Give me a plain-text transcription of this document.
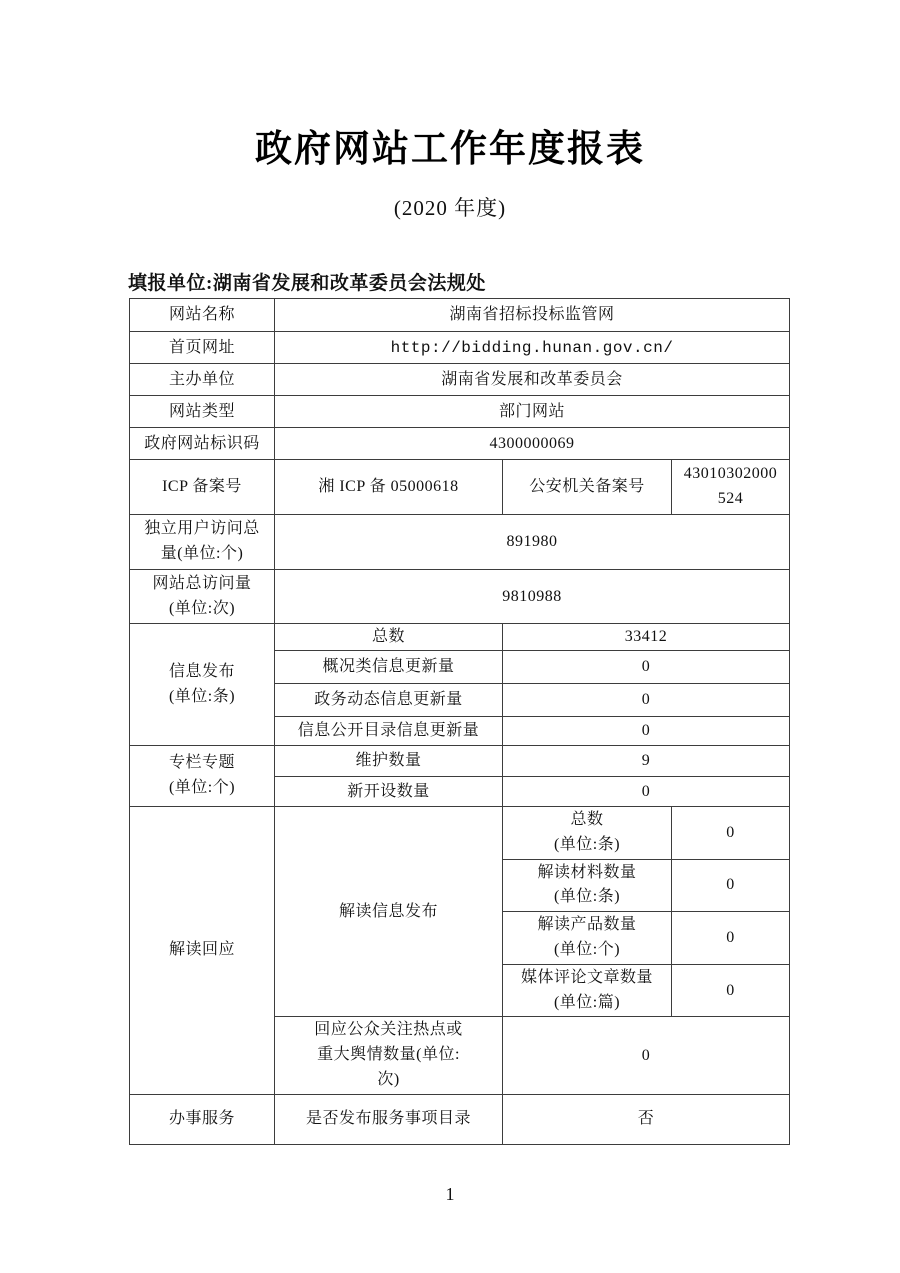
政府网站工作年度报表
(2020 年度)
填报单位:湖南省发展和改革委员会法规处
网站名称	湖南省招标投标监管网		
首页网址	http://bidding.hunan.gov.cn/		
主办单位	湖南省发展和改革委员会		
网站类型	部门网站		
政府网站标识码	4300000069		
ICP 备案号	湘 ICP 备 05000618	公安机关备案号	43010302000
524

独立用户访问总
量(单位:个)	891980		

网站总访问量
(单位:次)	9810988		

信息发布
(单位:条)	总数	33412	
	概况类信息更新量	0	
	政务动态信息更新量	0	
	信息公开目录信息更新量	0	

专栏专题
(单位:个)	维护数量	9	
	新开设数量	0	
解读回应	解读信息发布	总数
(单位:条)	0

		解读材料数量
(单位:条)	0

		解读产品数量
(单位:个)	0

		媒体评论文章数量
(单位:篇)	0

	回应公众关注热点或
重大舆情数量(单位:
次)	0	
办事服务	是否发布服务事项目录	否	
1
